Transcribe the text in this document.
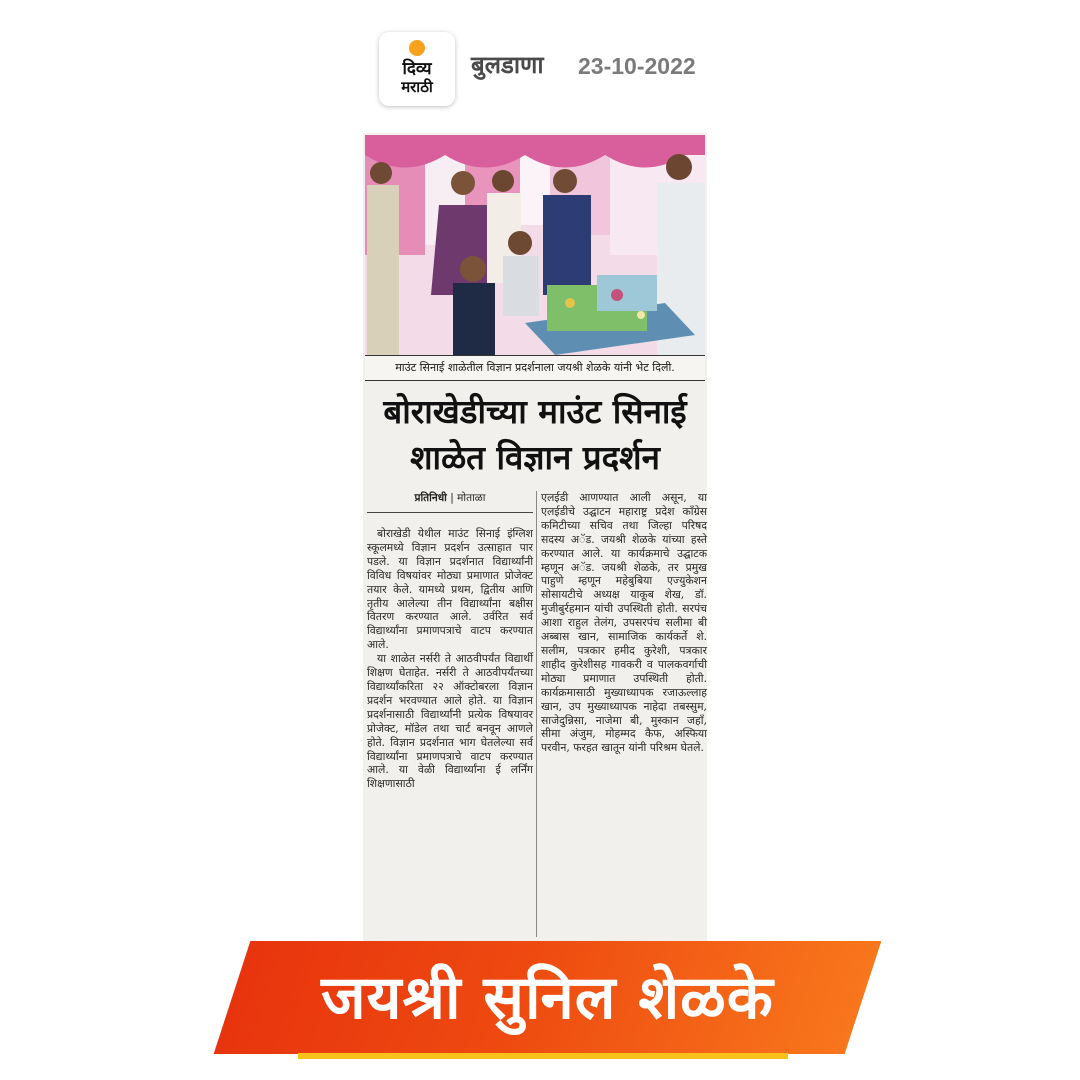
दिव्य
मराठी
बुलडाणा 23-10-2022
माउंट सिनाई शाळेतील विज्ञान प्रदर्शनाला जयश्री शेळके यांनी भेट दिली.
बोराखेडीच्या माउंट सिनाई
शाळेत विज्ञान प्रदर्शन
प्रतिनिधी | मोताळा

बोराखेडी येथील माउंट सिनाई इंग्लिश स्कूलमध्ये विज्ञान प्रदर्शन उत्साहात पार पडले. या विज्ञान प्रदर्शनात विद्यार्थ्यांनी विविध विषयांवर मोठ्या प्रमाणात प्रोजेक्ट तयार केले. यामध्ये प्रथम, द्वितीय आणि तृतीय आलेल्या तीन विद्यार्थ्यांना बक्षीस वितरण करण्यात आले. उर्वरित सर्व विद्यार्थ्यांना प्रमाणपत्राचे वाटप करण्यात आले.

या शाळेत नर्सरी ते आठवीपर्यंत विद्यार्थी शिक्षण घेताहेत. नर्सरी ते आठवीपर्यंतच्या विद्यार्थ्यांकरिता २२ ऑक्टोबरला विज्ञान प्रदर्शन भरवण्यात आले होते. या विज्ञान प्रदर्शनासाठी विद्यार्थ्यांनी प्रत्येक विषयावर प्रोजेक्ट, मॉडेल तथा चार्ट बनवून आणले होते. विज्ञान प्रदर्शनात भाग घेतलेल्या सर्व विद्यार्थ्यांना प्रमाणपत्राचे वाटप करण्यात आले. या वेळी विद्यार्थ्यांना ई लर्निंग शिक्षणासाठी

एलईडी आणण्यात आली असून, या एलईडीचे उद्घाटन महाराष्ट्र प्रदेश काँग्रेस कमिटीच्या सचिव तथा जिल्हा परिषद सदस्य अॅड. जयश्री शेळके यांच्या हस्ते करण्यात आले. या कार्यक्रमाचे उद्घाटक म्हणून अॅड. जयश्री शेळके, तर प्रमुख पाहुणे म्हणून महेबुबिया एज्युकेशन सोसायटीचे अध्यक्ष याकूब शेख, डॉ. मुजीबुर्रहमान यांची उपस्थिती होती. सरपंच आशा राहुल तेलंग, उपसरपंच सलीमा बी अब्बास खान, सामाजिक कार्यकर्ते शे. सलीम, पत्रकार हमीद कुरेशी, पत्रकार शाहीद कुरेशीसह गावकरी व पालकवर्गाची मोठ्या प्रमाणात उपस्थिती होती. कार्यक्रमासाठी मुख्याध्यापक रजाऊल्लाह खान, उप मुख्याध्यापक नाहेदा तबस्सुम, साजेदुन्निसा, नाजेमा बी, मुस्कान जहाँ, सीमा अंजुम, मोहम्मद कैफ, अस्फिया परवीन, फरहत खातून यांनी परिश्रम घेतले.

जयश्री सुनिल शेळके
